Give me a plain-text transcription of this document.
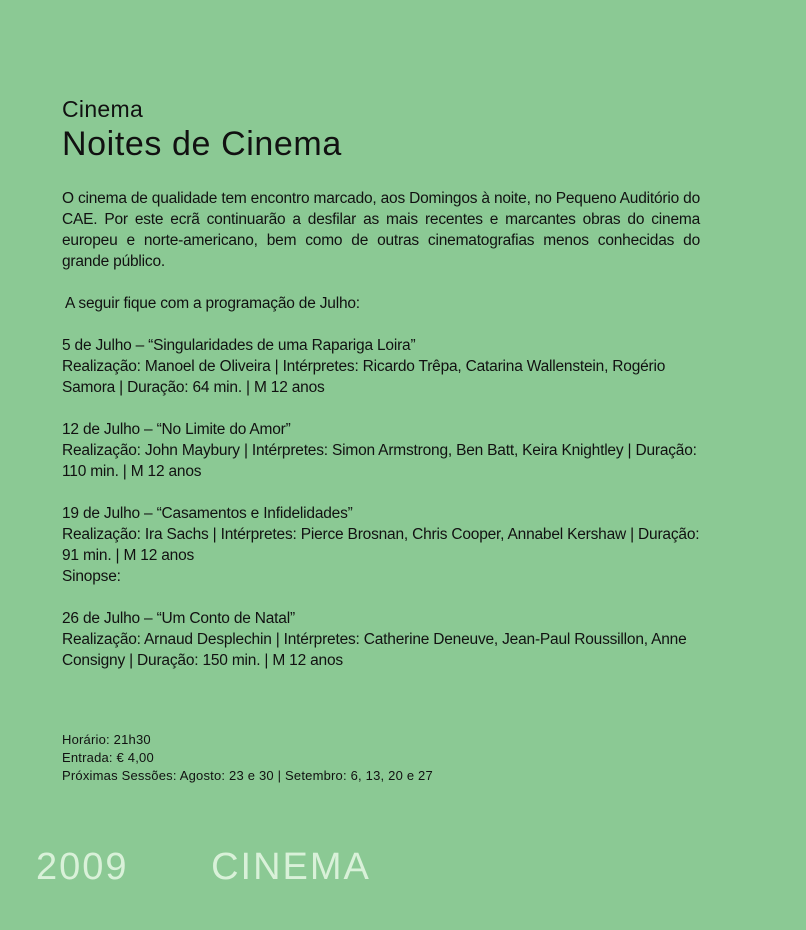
Cinema
Noites de Cinema

O cinema de qualidade tem encontro marcado, aos Domingos à noite, no Pequeno Auditório do CAE. Por este ecrã continuarão a desfilar as mais recentes e marcantes obras do cinema europeu e norte-americano, bem como de outras cinematografias menos conhecidas do grande público.

A seguir fique com a programação de Julho:

5 de Julho – “Singularidades de uma Rapariga Loira”
Realização: Manoel de Oliveira | Intérpretes: Ricardo Trêpa, Catarina Wallenstein, Rogério Samora | Duração: 64 min. | M 12 anos
12 de Julho – “No Limite do Amor”
Realização: John Maybury | Intérpretes: Simon Armstrong, Ben Batt, Keira Knightley | Duração: 110 min. | M 12 anos
19 de Julho – “Casamentos e Infidelidades”
Realização: Ira Sachs | Intérpretes: Pierce Brosnan, Chris Cooper, Annabel Kershaw | Duração: 91 min. | M 12 anos
Sinopse:
26 de Julho – “Um Conto de Natal”
Realização: Arnaud Desplechin | Intérpretes: Catherine Deneuve, Jean-Paul Roussillon, Anne Consigny | Duração: 150 min. | M 12 anos
Horário: 21h30
Entrada: € 4,00
Próximas Sessões: Agosto: 23 e 30 | Setembro: 6, 13, 20 e 27
2009 CINEMA
